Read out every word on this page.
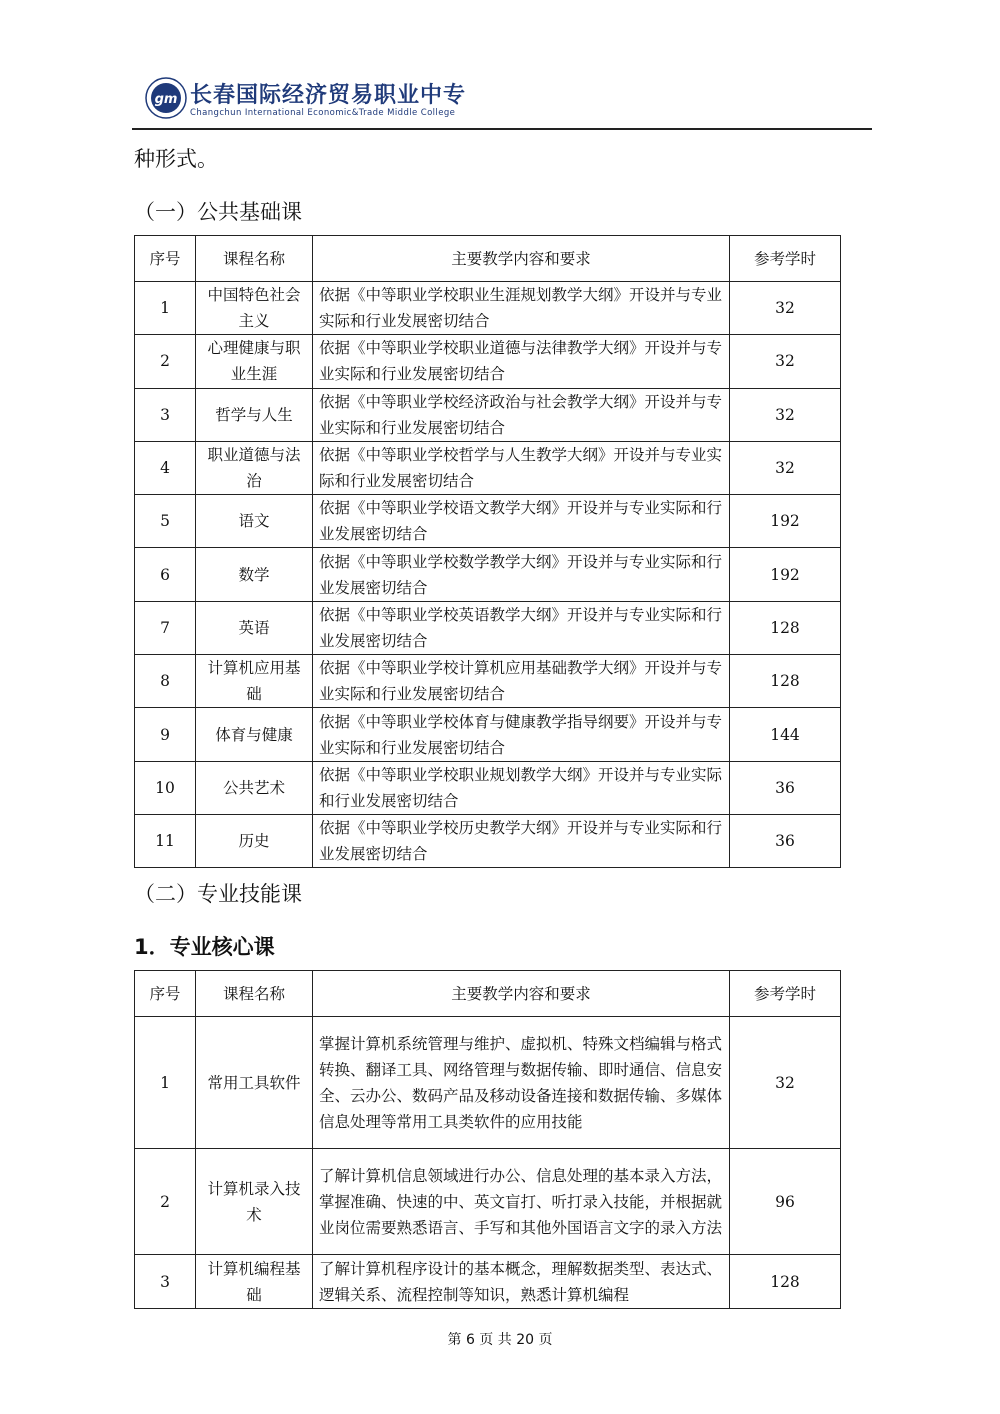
gm 长春国际经济贸易职业中专
Changchun International Economic&Trade Middle College
种形式。
（一）公共基础课
序号	课程名称	主要教学内容和要求	参考学时
1	中国特色社会主义	依据《中等职业学校职业生涯规划教学大纲》开设并与专业实际和行业发展密切结合	32
2	心理健康与职业生涯	依据《中等职业学校职业道德与法律教学大纲》开设并与专业实际和行业发展密切结合	32
3	哲学与人生	依据《中等职业学校经济政治与社会教学大纲》开设并与专业实际和行业发展密切结合	32
4	职业道德与法治	依据《中等职业学校哲学与人生教学大纲》开设并与专业实际和行业发展密切结合	32
5	语文	依据《中等职业学校语文教学大纲》开设并与专业实际和行业发展密切结合	192
6	数学	依据《中等职业学校数学教学大纲》开设并与专业实际和行业发展密切结合	192
7	英语	依据《中等职业学校英语教学大纲》开设并与专业实际和行业发展密切结合	128
8	计算机应用基础	依据《中等职业学校计算机应用基础教学大纲》开设并与专业实际和行业发展密切结合	128
9	体育与健康	依据《中等职业学校体育与健康教学指导纲要》开设并与专业实际和行业发展密切结合	144
10	公共艺术	依据《中等职业学校职业规划教学大纲》开设并与专业实际和行业发展密切结合	36
11	历史	依据《中等职业学校历史教学大纲》开设并与专业实际和行业发展密切结合	36
（二）专业技能课
1．专业核心课
序号	课程名称	主要教学内容和要求	参考学时
1	常用工具软件	掌握计算机系统管理与维护、虚拟机、特殊文档编辑与格式转换、翻译工具、网络管理与数据传输、即时通信、信息安全、云办公、数码产品及移动设备连接和数据传输、多媒体信息处理等常用工具类软件的应用技能	32
2	计算机录入技术	了解计算机信息领域进行办公、信息处理的基本录入方法，掌握准确、快速的中、英文盲打、听打录入技能，并根据就业岗位需要熟悉语言、手写和其他外国语言文字的录入方法	96
3	计算机编程基础	了解计算机程序设计的基本概念，理解数据类型、表达式、逻辑关系、流程控制等知识，熟悉计算机编程	128
第 6 页 共 20 页
